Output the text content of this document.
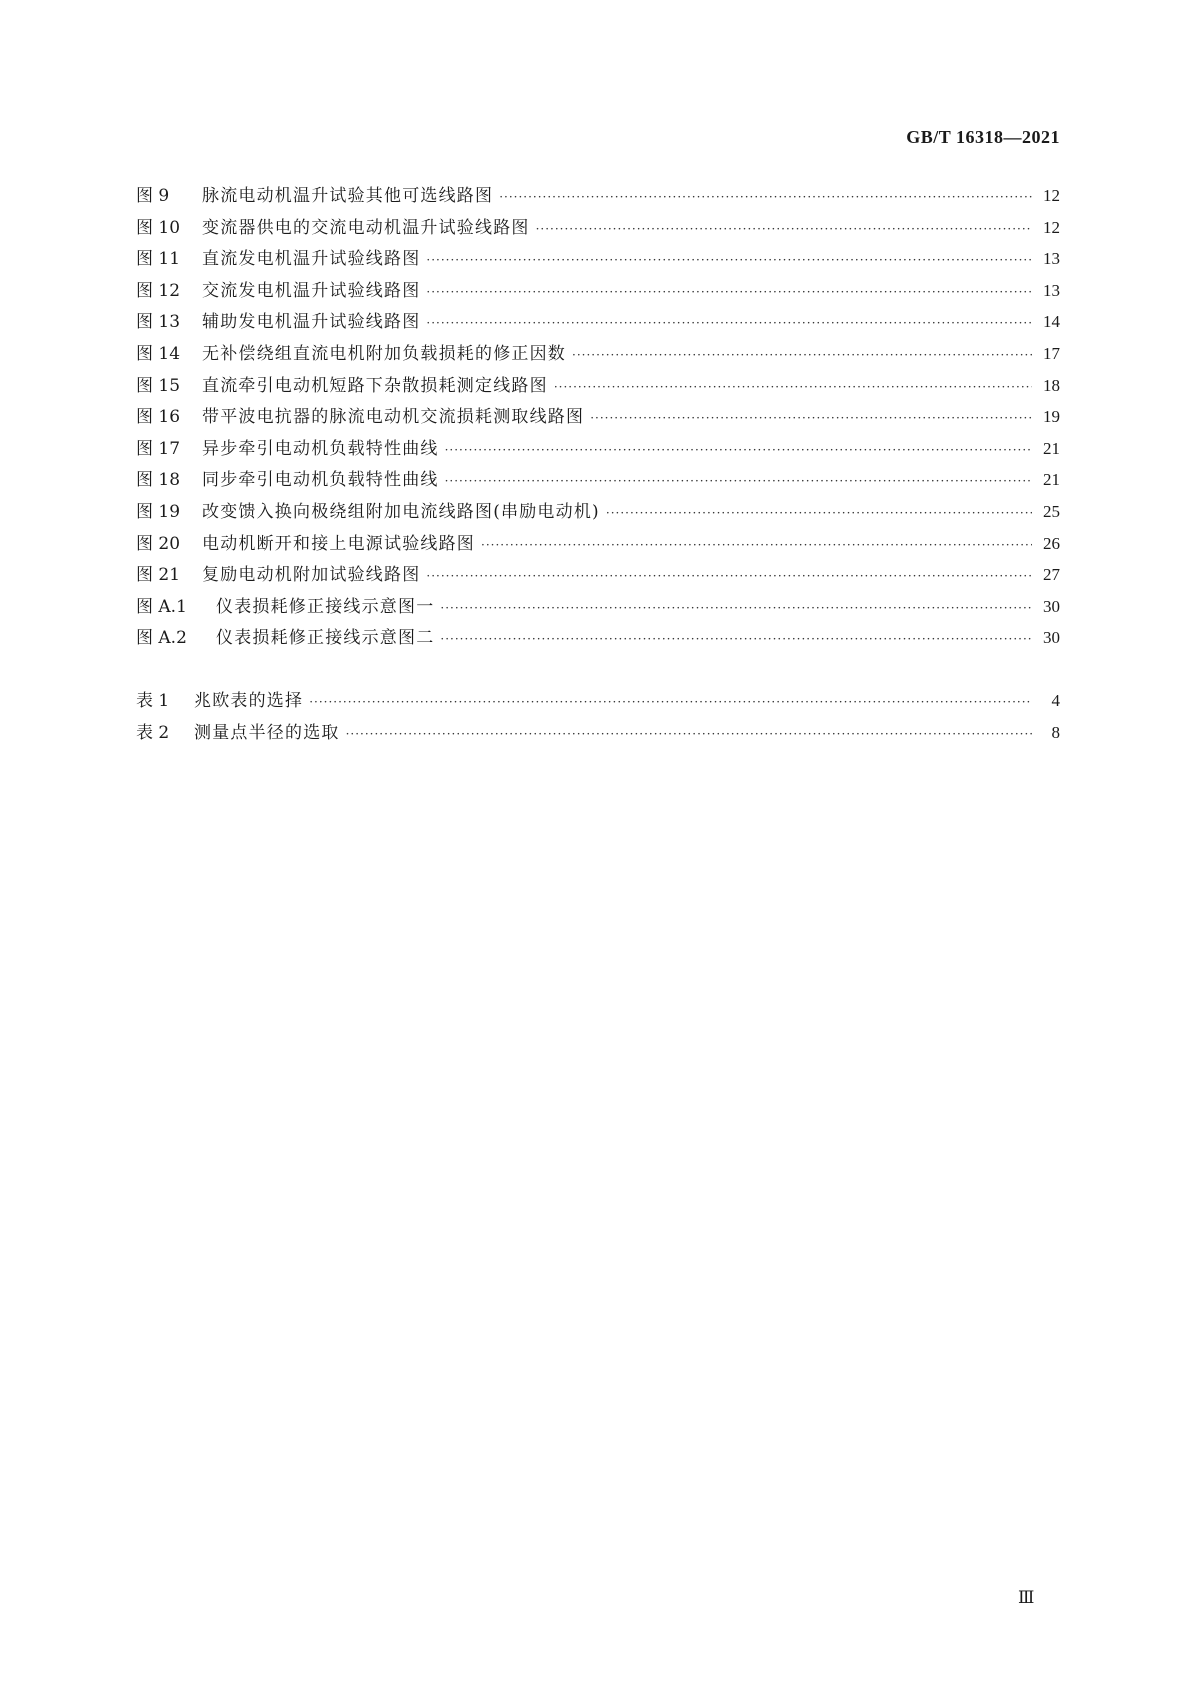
GB/T 16318—2021
图 9	脉流电动机温升试验其他可选线路图 ·····	12
图 10	变流器供电的交流电动机温升试验线路图 ·····	12
图 11	直流发电机温升试验线路图 ·····	13
图 12	交流发电机温升试验线路图 ·····	13
图 13	辅助发电机温升试验线路图 ·····	14
图 14	无补偿绕组直流电机附加负载损耗的修正因数 ·····	17
图 15	直流牵引电动机短路下杂散损耗测定线路图 ·····	18
图 16	带平波电抗器的脉流电动机交流损耗测取线路图 ·····	19
图 17	异步牵引电动机负载特性曲线 ·····	21
图 18	同步牵引电动机负载特性曲线 ·····	21
图 19	改变馈入换向极绕组附加电流线路图(串励电动机) ·····	25
图 20	电动机断开和接上电源试验线路图 ·····	26
图 21	复励电动机附加试验线路图 ·····	27
图 A.1	仪表损耗修正接线示意图一 ·····	30
图 A.2	仪表损耗修正接线示意图二 ·····	30
表 1	兆欧表的选择 ·····	4
表 2	测量点半径的选取 ·····	8
Ⅲ
